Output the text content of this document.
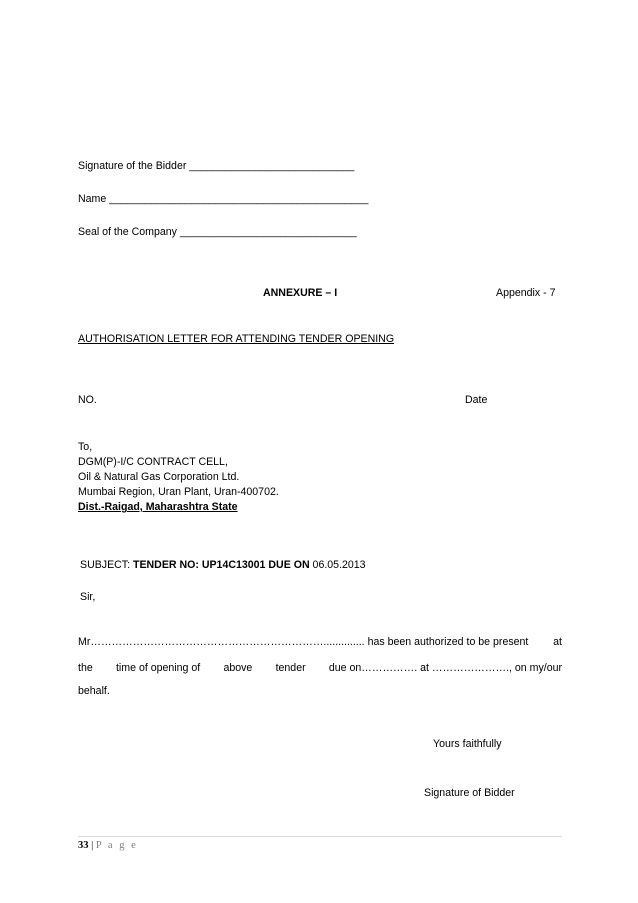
Signature of the Bidder ____________________________
Name ____________________________________________
Seal of the Company ______________________________
ANNEXURE – I	Appendix - 7
AUTHORISATION LETTER FOR ATTENDING TENDER OPENING
NO.	Date
To,
DGM(P)-I/C CONTRACT CELL,
Oil & Natural Gas Corporation Ltd.
Mumbai Region, Uran Plant, Uran-400702.
Dist.-Raigad, Maharashtra State
SUBJECT: TENDER NO: UP14C13001 DUE ON 06.05.2013
Sir,
Mr………………………………………………………….............. has been authorized to be present at
the time of opening of above tender due on……………. at …………………., on my/our
behalf.
Yours faithfully
Signature of Bidder
33 | P a g e
